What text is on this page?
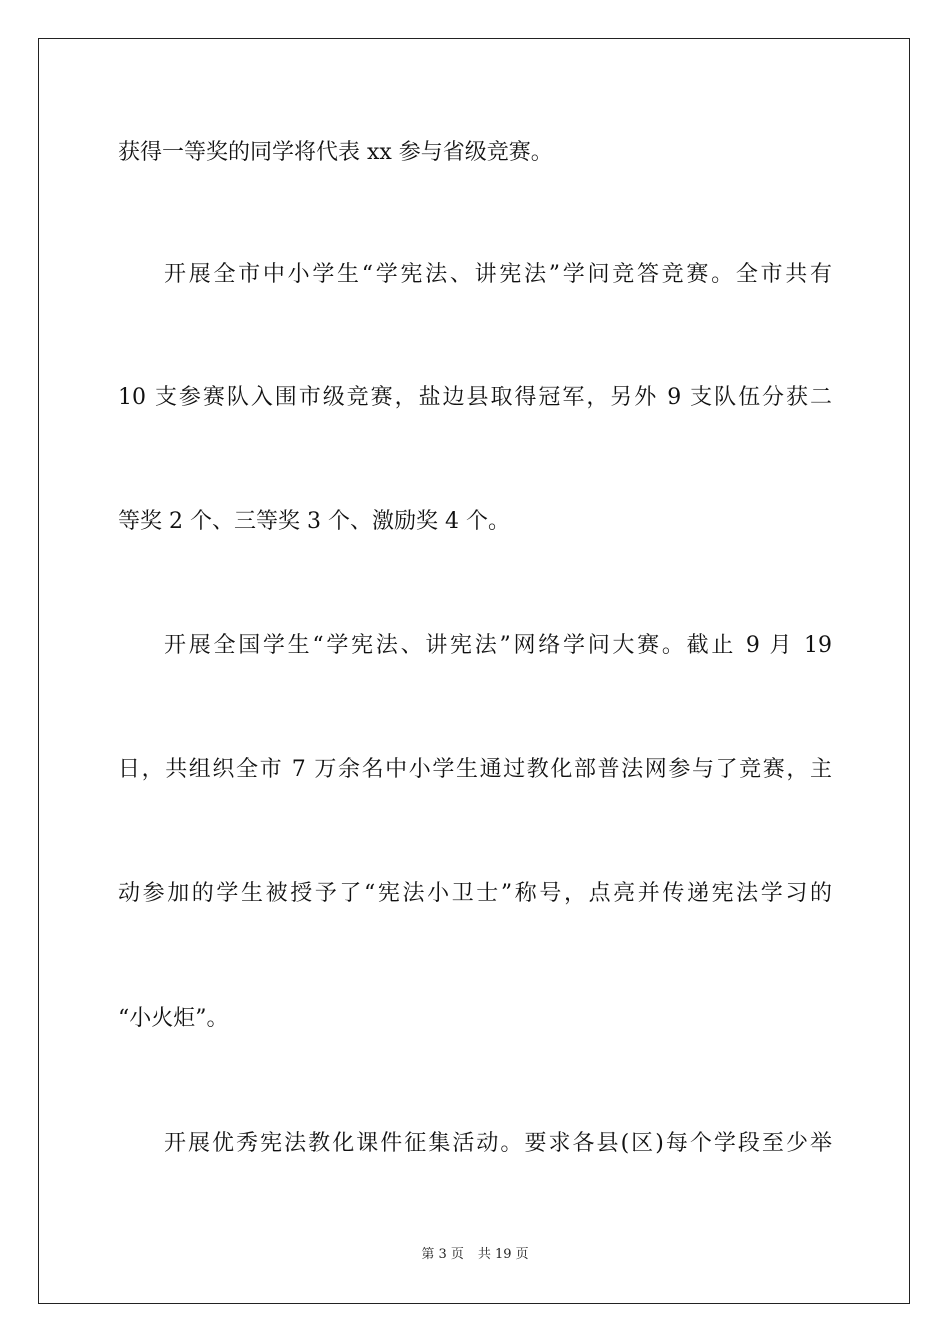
获得一等奖的同学将代表 xx 参与省级竞赛。
开展全市中小学生“学宪法、讲宪法”学问竞答竞赛。全市共有
10 支参赛队入围市级竞赛，盐边县取得冠军，另外 9 支队伍分获二
等奖 2 个、三等奖 3 个、激励奖 4 个。
开展全国学生“学宪法、讲宪法”网络学问大赛。截止 9 月 19
日，共组织全市 7 万余名中小学生通过教化部普法网参与了竞赛，主
动参加的学生被授予了“宪法小卫士”称号，点亮并传递宪法学习的
“小火炬”。
开展优秀宪法教化课件征集活动。要求各县(区)每个学段至少举
第 3 页 共 19 页
